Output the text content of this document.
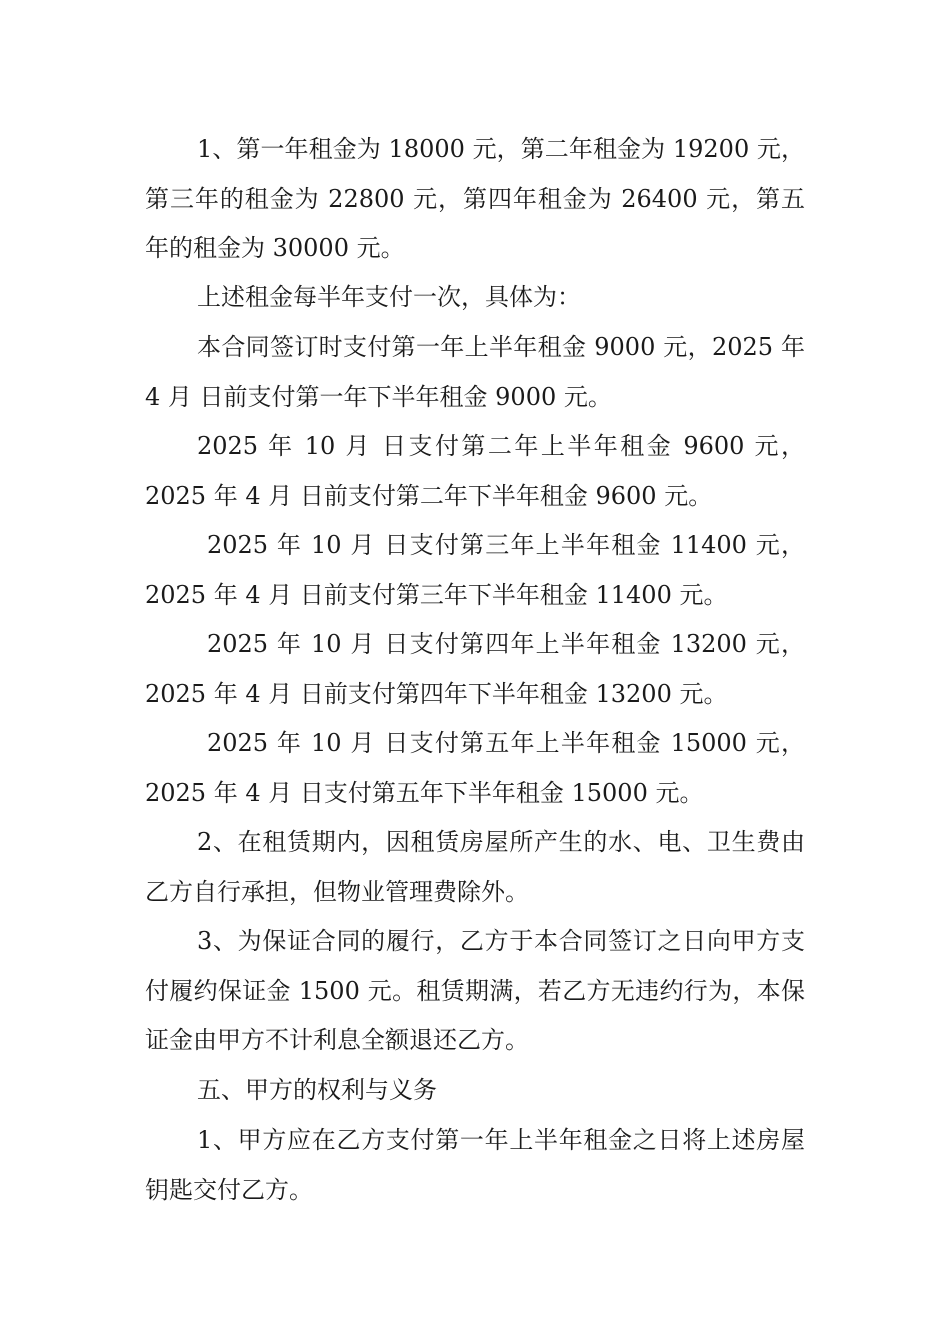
1、第一年租金为 18000 元，第二年租金为 19200 元，第三年的租金为 22800 元，第四年租金为 26400 元，第五年的租金为 30000 元。

上述租金每半年支付一次，具体为：

本合同签订时支付第一年上半年租金 9000 元，2025 年 4 月 日前支付第一年下半年租金 9000 元。

2025 年 10 月 日支付第二年上半年租金 9600 元，2025 年 4 月 日前支付第二年下半年租金 9600 元。

2025 年 10 月 日支付第三年上半年租金 11400 元，2025 年 4 月 日前支付第三年下半年租金 11400 元。

2025 年 10 月 日支付第四年上半年租金 13200 元，2025 年 4 月 日前支付第四年下半年租金 13200 元。

2025 年 10 月 日支付第五年上半年租金 15000 元，2025 年 4 月 日支付第五年下半年租金 15000 元。

2、在租赁期内，因租赁房屋所产生的水、电、卫生费由乙方自行承担，但物业管理费除外。

3、为保证合同的履行，乙方于本合同签订之日向甲方支付履约保证金 1500 元。租赁期满，若乙方无违约行为，本保证金由甲方不计利息全额退还乙方。

五、甲方的权利与义务

1、甲方应在乙方支付第一年上半年租金之日将上述房屋钥匙交付乙方。
